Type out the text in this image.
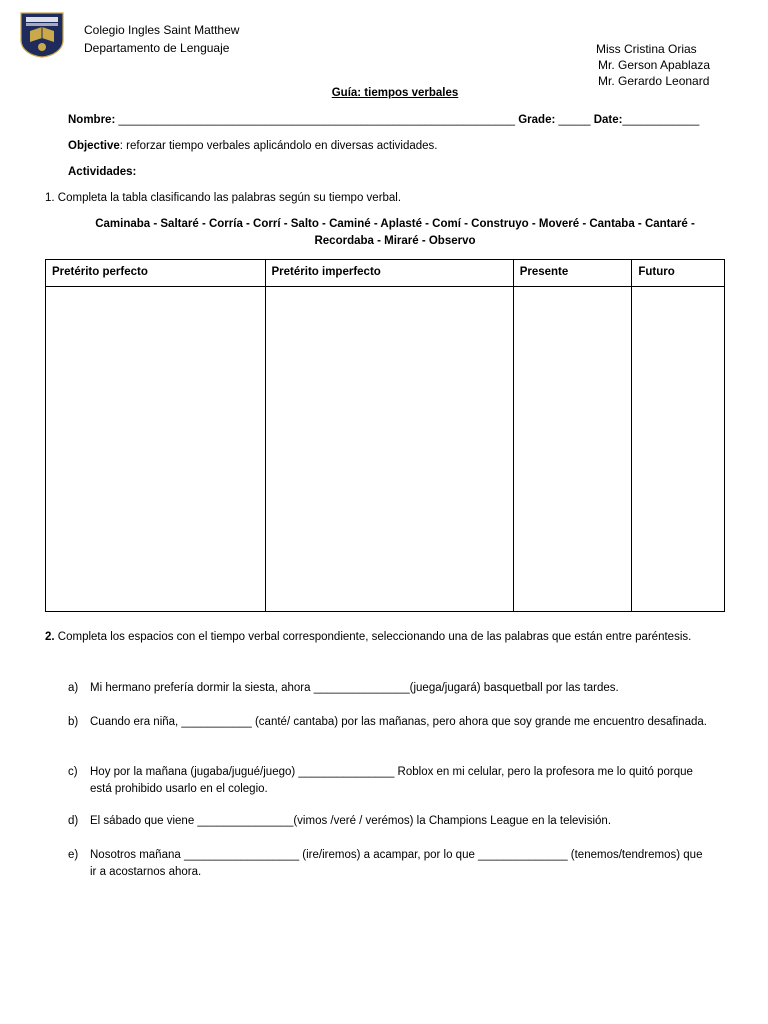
Colegio Ingles Saint Matthew
Departamento de Lenguaje	Miss Cristina Orias
Mr. Gerson Apablaza
Mr. Gerardo Leonard
Guía: tiempos verbales
Nombre: ______________________________________________________________ Grade: _____ Date:____________
Objective: reforzar tiempo verbales aplicándolo en diversas actividades.
Actividades:
1. Completa la tabla clasificando las palabras según su tiempo verbal.
Caminaba - Saltaré - Corría - Corrí - Salto - Caminé - Aplasté - Comí - Construyo - Moveré - Cantaba - Cantaré -
Recordaba - Miraré - Observo
Pretérito perfecto	Pretérito imperfecto	Presente	Futuro

2. Completa los espacios con el tiempo verbal correspondiente, seleccionando una de las palabras que están entre paréntesis.
a) Mi hermano prefería dormir la siesta, ahora _______________(juega/jugará) basquetball por las tardes.
b) Cuando era niña, ___________ (canté/ cantaba) por las mañanas, pero ahora que soy grande me encuentro desafinada.
c) Hoy por la mañana (jugaba/jugué/juego) _______________ Roblox en mi celular, pero la profesora me lo quitó porque está prohibido usarlo en el colegio.
d) El sábado que viene _______________(vimos /veré / verémos) la Champions League en la televisión.
e) Nosotros mañana __________________ (ire/iremos) a acampar, por lo que ______________ (tenemos/tendremos) que ir a acostarnos ahora.
